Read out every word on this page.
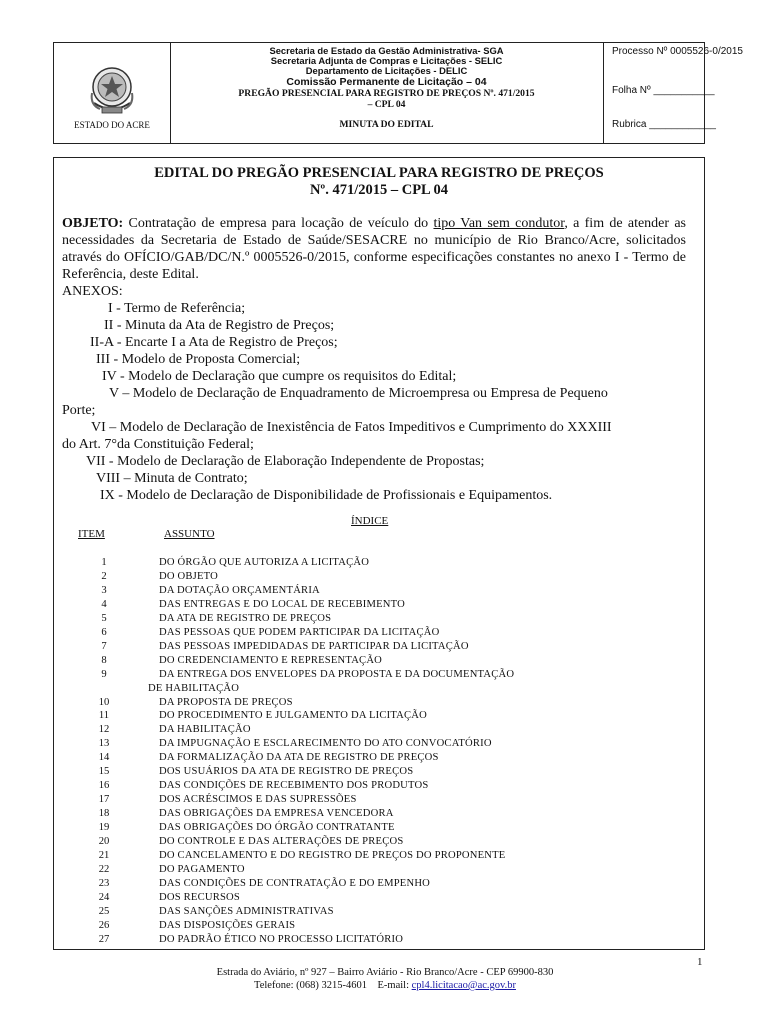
ESTADO DO ACRE
Secretaria de Estado da Gestão Administrativa- SGA
Secretaria Adjunta de Compras e Licitações - SELIC
Departamento de Licitações - DELIC
Comissão Permanente de Licitação – 04
PREGÃO PRESENCIAL PARA REGISTRO DE PREÇOS Nº. 471/2015
– CPL 04
MINUTA DO EDITAL
Processo Nº 0005526-0/2015
Folha Nº ___________
Rubrica ____________
EDITAL DO PREGÃO PRESENCIAL PARA REGISTRO DE PREÇOS
Nº. 471/2015 – CPL 04
OBJETO: Contratação de empresa para locação de veículo do tipo Van sem condutor, a fim de atender as necessidades da Secretaria de Estado de Saúde/SESACRE no município de Rio Branco/Acre, solicitados através do OFÍCIO/GAB/DC/N.º 0005526-0/2015, conforme especificações constantes no anexo I - Termo de Referência, deste Edital.
ANEXOS:
I - Termo de Referência;
II - Minuta da Ata de Registro de Preços;
II-A - Encarte I a Ata de Registro de Preços;
III - Modelo de Proposta Comercial;
IV - Modelo de Declaração que cumpre os requisitos do Edital;
V – Modelo de Declaração de Enquadramento de Microempresa ou Empresa de Pequeno
Porte;
VI – Modelo de Declaração de Inexistência de Fatos Impeditivos e Cumprimento do XXXIII
do Art. 7°da Constituição Federal;
VII - Modelo de Declaração de Elaboração Independente de Propostas;
VIII – Minuta de Contrato;
IX - Modelo de Declaração de Disponibilidade de Profissionais e Equipamentos.
ÍNDICE
ITEM	ASSUNTO
1	DO ÓRGÃO QUE AUTORIZA A LICITAÇÃO
2	DO OBJETO
3	DA DOTAÇÃO ORÇAMENTÁRIA
4	DAS ENTREGAS E DO LOCAL DE RECEBIMENTO
5	DA ATA DE REGISTRO DE PREÇOS
6	DAS PESSOAS QUE PODEM PARTICIPAR DA LICITAÇÃO
7	DAS PESSOAS IMPEDIDADAS DE PARTICIPAR DA LICITAÇÃO
8	DO CREDENCIAMENTO E REPRESENTAÇÃO
9	DA ENTREGA DOS ENVELOPES DA PROPOSTA E DA DOCUMENTAÇÃO
DE HABILITAÇÃO
10	DA PROPOSTA DE PREÇOS
11	DO PROCEDIMENTO E JULGAMENTO DA LICITAÇÃO
12	DA HABILITAÇÃO
13	DA IMPUGNAÇÃO E ESCLARECIMENTO DO ATO CONVOCATÓRIO
14	DA FORMALIZAÇÃO DA ATA DE REGISTRO DE PREÇOS
15	DOS USUÁRIOS DA ATA DE REGISTRO DE PREÇOS
16	DAS CONDIÇÕES DE RECEBIMENTO DOS PRODUTOS
17	DOS ACRÉSCIMOS E DAS SUPRESSÕES
18	DAS OBRIGAÇÕES DA EMPRESA VENCEDORA
19	DAS OBRIGAÇÕES DO ÓRGÃO CONTRATANTE
20	DO CONTROLE E DAS ALTERAÇÕES DE PREÇOS
21	DO CANCELAMENTO E DO REGISTRO DE PREÇOS DO PROPONENTE
22	DO PAGAMENTO
23	DAS CONDIÇÕES DE CONTRATAÇÃO E DO EMPENHO
24	DOS RECURSOS
25	DAS SANÇÕES ADMINISTRATIVAS
26	DAS DISPOSIÇÕES GERAIS
27	DO PADRÃO ÉTICO NO PROCESSO LICITATÓRIO
1
Estrada do Aviário, nº 927 – Bairro Aviário - Rio Branco/Acre - CEP 69900-830
Telefone: (068) 3215-4601    E-mail: cpl4.licitacao@ac.gov.br
